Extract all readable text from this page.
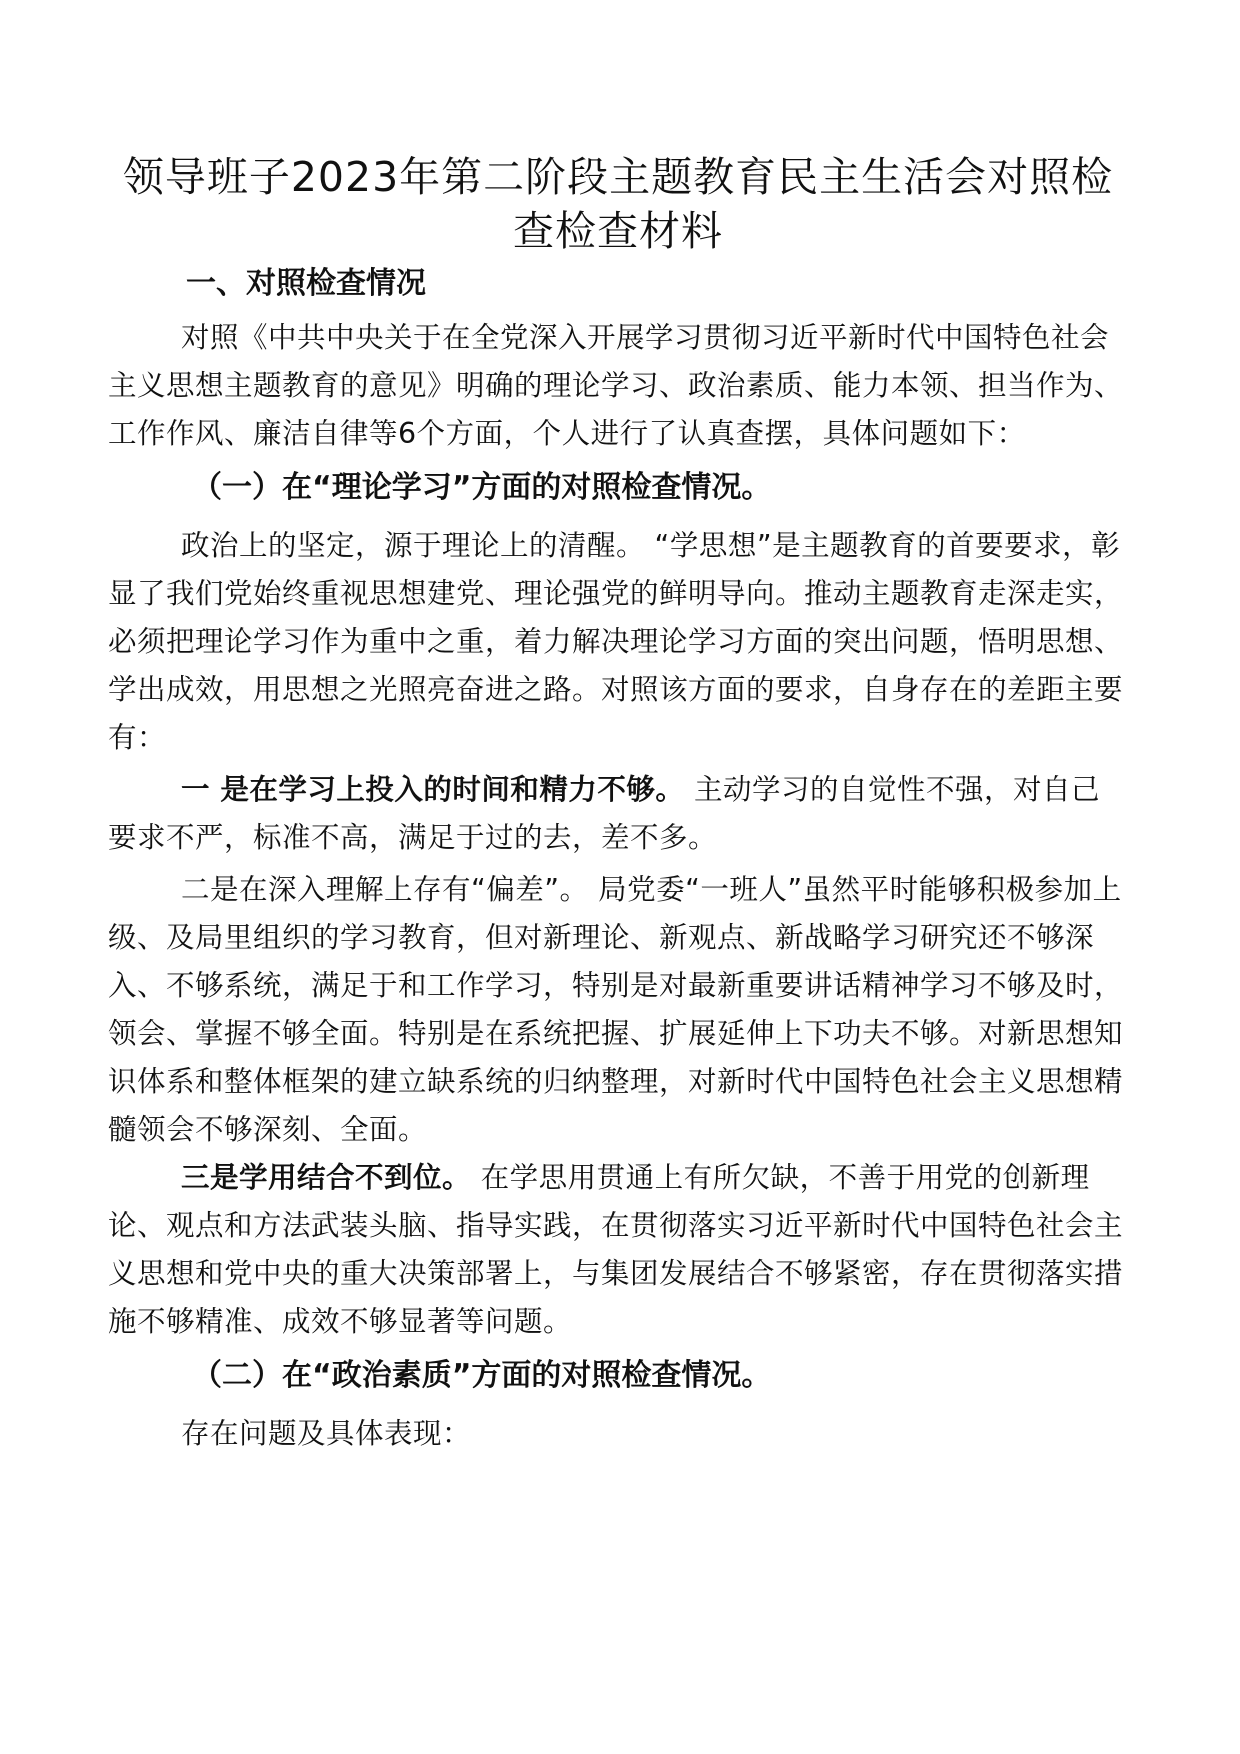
领导班子2023年第二阶段主题教育民主生活会对照检
查检查材料
一、对照检查情况

对照《中共中央关于在全党深入开展学习贯彻习近平新时代中国特色社会主义思想主题教育的意见》明确的理论学习、政治素质、能力本领、担当作为、工作作风、廉洁自律等6个方面，个人进行了认真查摆，具体问题如下：

（一）在“理论学习”方面的对照检查情况。

政治上的坚定，源于理论上的清醒。 “学思想”是主题教育的首要要求，彰显了我们党始终重视思想建党、理论强党的鲜明导向。推动主题教育走深走实，必须把理论学习作为重中之重，着力解决理论学习方面的突出问题，悟明思想、学出成效，用思想之光照亮奋进之路。对照该方面的要求，自身存在的差距主要有：

一 是在学习上投入的时间和精力不够。 主动学习的自觉性不强，对自己要求不严，标准不高，满足于过的去，差不多。

二是在深入理解上存有“偏差”。 局党委“一班人”虽然平时能够积极参加上级、及局里组织的学习教育，但对新理论、新观点、新战略学习研究还不够深入、不够系统，满足于和工作学习，特别是对最新重要讲话精神学习不够及时，领会、掌握不够全面。特别是在系统把握、扩展延伸上下功夫不够。对新思想知识体系和整体框架的建立缺系统的归纳整理，对新时代中国特色社会主义思想精髓领会不够深刻、全面。

三是学用结合不到位。 在学思用贯通上有所欠缺，不善于用党的创新理论、观点和方法武装头脑、指导实践，在贯彻落实习近平新时代中国特色社会主义思想和党中央的重大决策部署上，与集团发展结合不够紧密，存在贯彻落实措施不够精准、成效不够显著等问题。

（二）在“政治素质”方面的对照检查情况。

存在问题及具体表现：
